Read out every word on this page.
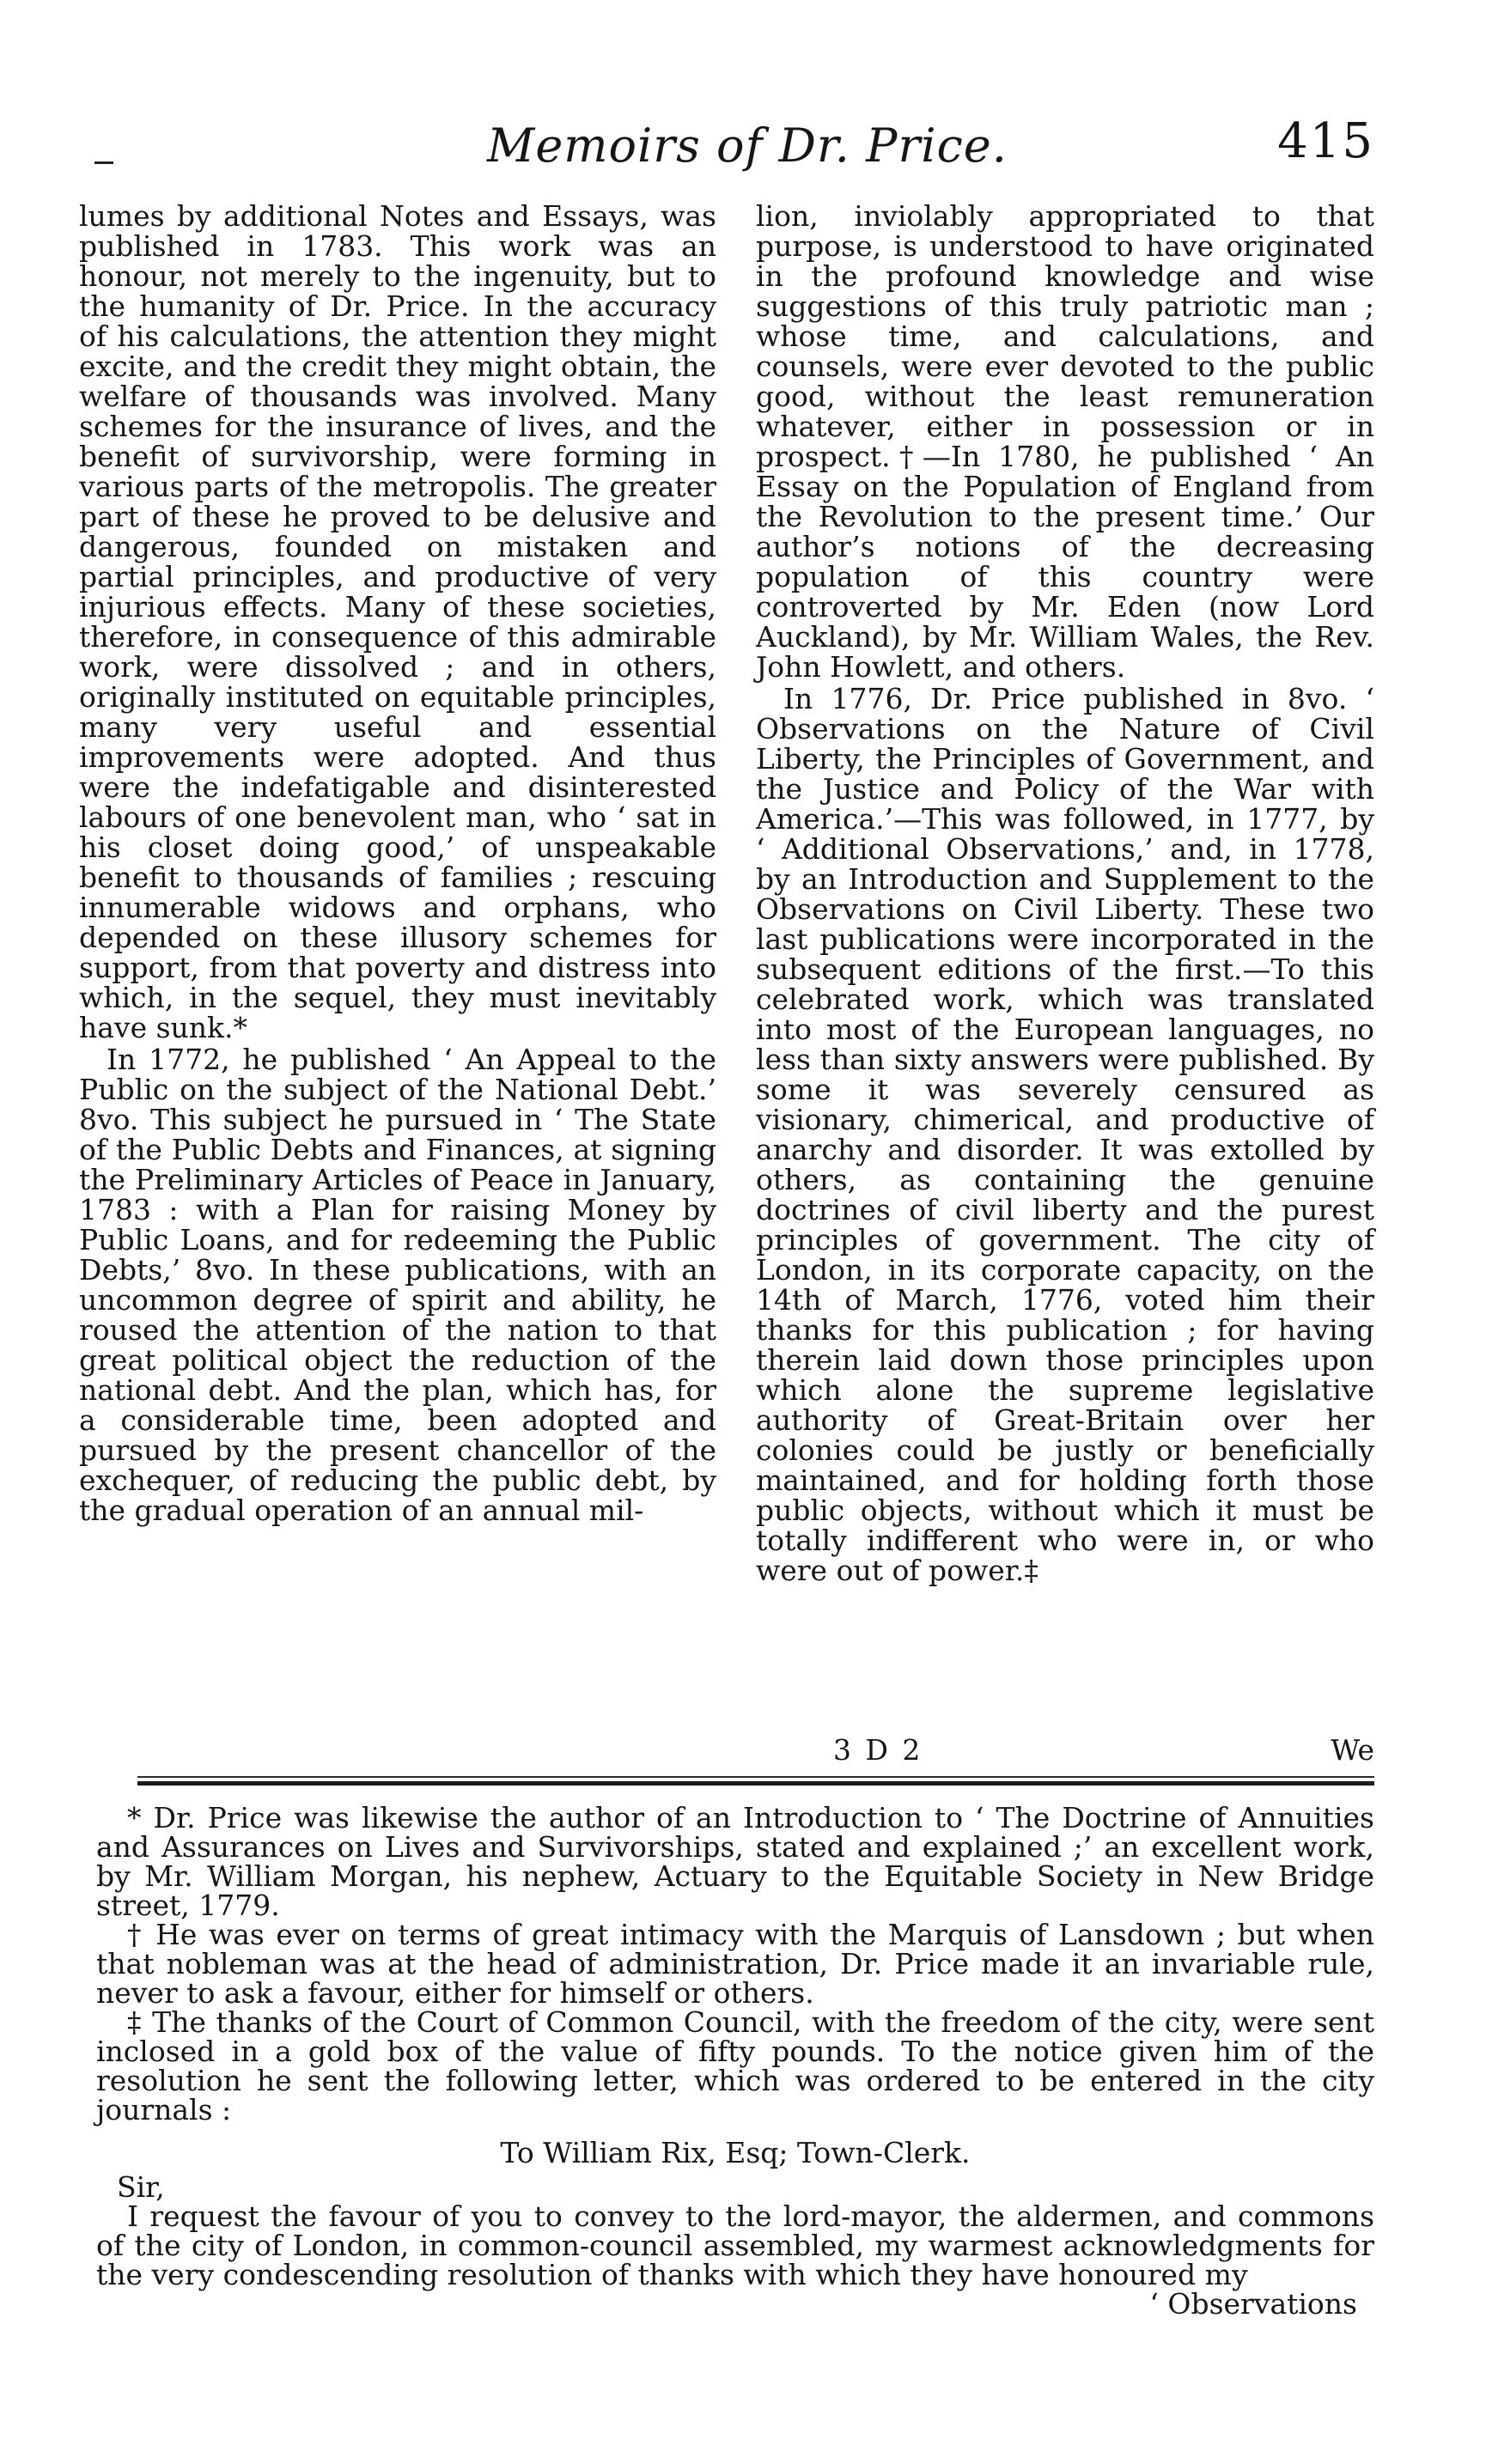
Memoirs of Dr. Price.	415

lumes by additional Notes and Essays, was published in 1783. This work was an honour, not merely to the ingenuity, but to the humanity of Dr. Price. In the accuracy of his calculations, the attention they might excite, and the credit they might obtain, the welfare of thousands was involved. Many schemes for the insurance of lives, and the benefit of survivorship, were forming in various parts of the metropolis. The greater part of these he proved to be delusive and dangerous, founded on mistaken and partial principles, and productive of very injurious effects. Many of these societies, therefore, in consequence of this admirable work, were dissolved ; and in others, originally instituted on equitable principles, many very useful and essential improvements were adopted. And thus were the indefatigable and disinterested labours of one benevolent man, who ‘ sat in his closet doing good,’ of unspeakable benefit to thousands of families ; rescuing innumerable widows and orphans, who depended on these illusory schemes for support, from that poverty and distress into which, in the sequel, they must inevitably have sunk.*

In 1772, he published ‘ An Appeal to the Public on the subject of the National Debt.’ 8vo. This subject he pursued in ‘ The State of the Public Debts and Finances, at signing the Preliminary Articles of Peace in January, 1783 : with a Plan for raising Money by Public Loans, and for redeeming the Public Debts,’ 8vo. In these publications, with an uncommon degree of spirit and ability, he roused the attention of the nation to that great political object the reduction of the national debt. And the plan, which has, for a considerable time, been adopted and pursued by the present chancellor of the exchequer, of reducing the public debt, by the gradual operation of an annual mil-

lion, inviolably appropriated to that purpose, is understood to have originated in the profound knowledge and wise suggestions of this truly patriotic man ; whose time, and calculations, and counsels, were ever devoted to the public good, without the least remuneration whatever, either in possession or in prospect.†—In 1780, he published ‘ An Essay on the Population of England from the Revolution to the present time.’ Our author’s notions of the decreasing population of this country were controverted by Mr. Eden (now Lord Auckland), by Mr. William Wales, the Rev. John Howlett, and others.

In 1776, Dr. Price published in 8vo. ‘ Observations on the Nature of Civil Liberty, the Principles of Government, and the Justice and Policy of the War with America.’—This was followed, in 1777, by ‘ Additional Observations,’ and, in 1778, by an Introduction and Supplement to the Observations on Civil Liberty. These two last publications were incorporated in the subsequent editions of the first.—To this celebrated work, which was translated into most of the European languages, no less than sixty answers were published. By some it was severely censured as visionary, chimerical, and productive of anarchy and disorder. It was extolled by others, as containing the genuine doctrines of civil liberty and the purest principles of government. The city of London, in its corporate capacity, on the 14th of March, 1776, voted him their thanks for this publication ; for having therein laid down those principles upon which alone the supreme legislative authority of Great-Britain over her colonies could be justly or beneficially maintained, and for holding forth those public objects, without which it must be totally indifferent who were in, or who were out of power.‡

3 D 2	We

* Dr. Price was likewise the author of an Introduction to ‘ The Doctrine of Annuities and Assurances on Lives and Survivorships, stated and explained ;’ an excellent work, by Mr. William Morgan, his nephew, Actuary to the Equitable Society in New Bridge street, 1779.

† He was ever on terms of great intimacy with the Marquis of Lansdown ; but when that nobleman was at the head of administration, Dr. Price made it an invariable rule, never to ask a favour, either for himself or others.

‡ The thanks of the Court of Common Council, with the freedom of the city, were sent inclosed in a gold box of the value of fifty pounds. To the notice given him of the resolution he sent the following letter, which was ordered to be entered in the city journals :

To William Rix, Esq; Town-Clerk.

Sir,

I request the favour of you to convey to the lord-mayor, the aldermen, and commons of the city of London, in common-council assembled, my warmest acknowledgments for the very condescending resolution of thanks with which they have honoured my

‘ Observations
